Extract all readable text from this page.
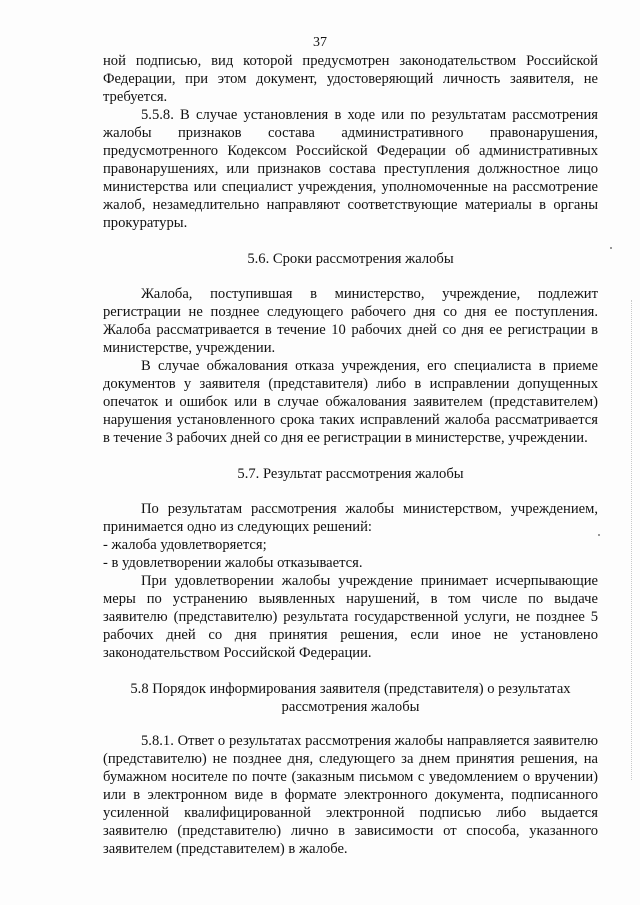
37

ной подписью, вид которой предусмотрен законодательством Российской Федерации, при этом документ, удостоверяющий личность заявителя, не требуется.

5.5.8. В случае установления в ходе или по результатам рассмотрения жалобы признаков состава административного правонарушения, предусмотренного Кодексом Российской Федерации об административных правонарушениях, или признаков состава преступления должностное лицо министерства или специалист учреждения, уполномоченные на рассмотрение жалоб, незамедлительно направляют соответствующие материалы в органы прокуратуры.

5.6. Сроки рассмотрения жалобы

Жалоба, поступившая в министерство, учреждение, подлежит регистрации не позднее следующего рабочего дня со дня ее поступления. Жалоба рассматривается в течение 10 рабочих дней со дня ее регистрации в министерстве, учреждении.

В случае обжалования отказа учреждения, его специалиста в приеме документов у заявителя (представителя) либо в исправлении допущенных опечаток и ошибок или в случае обжалования заявителем (представителем) нарушения установленного срока таких исправлений жалоба рассматривается в течение 3 рабочих дней со дня ее регистрации в министерстве, учреждении.

5.7. Результат рассмотрения жалобы

По результатам рассмотрения жалобы министерством, учреждением, принимается одно из следующих решений:

- жалоба удовлетворяется;

- в удовлетворении жалобы отказывается.

При удовлетворении жалобы учреждение принимает исчерпывающие меры по устранению выявленных нарушений, в том числе по выдаче заявителю (представителю) результата государственной услуги, не позднее 5 рабочих дней со дня принятия решения, если иное не установлено законодательством Российской Федерации.

5.8 Порядок информирования заявителя (представителя) о результатах
рассмотрения жалобы

5.8.1. Ответ о результатах рассмотрения жалобы направляется заявителю (представителю) не позднее дня, следующего за днем принятия решения, на бумажном носителе по почте (заказным письмом с уведомлением о вручении) или в электронном виде в формате электронного документа, подписанного усиленной квалифицированной электронной подписью либо выдается заявителю (представителю) лично в зависимости от способа, указанного заявителем (представителем) в жалобе.
